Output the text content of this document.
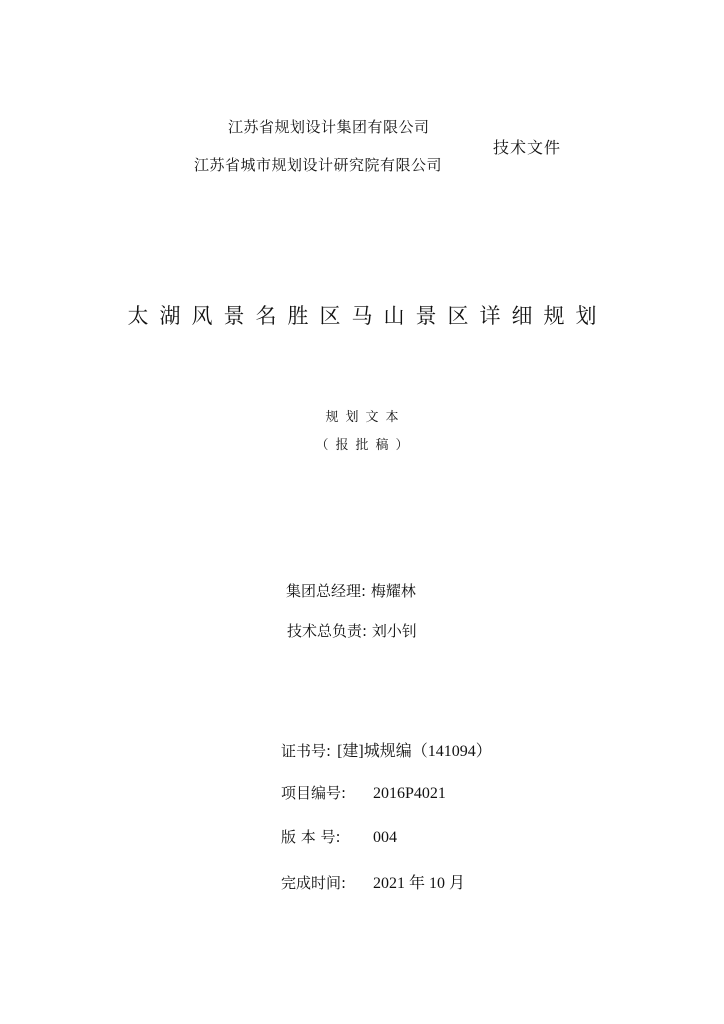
江苏省规划设计集团有限公司
江苏省城市规划设计研究院有限公司
技术文件
太湖风景名胜区马山景区详细规划
规划文本
（报批稿）
集团总经理: 梅耀林
技术总负责: 刘小钊
证书号: [建]城规编（141094）
项目编号: 2016P4021
版 本 号: 004
完成时间: 2021 年 10 月
